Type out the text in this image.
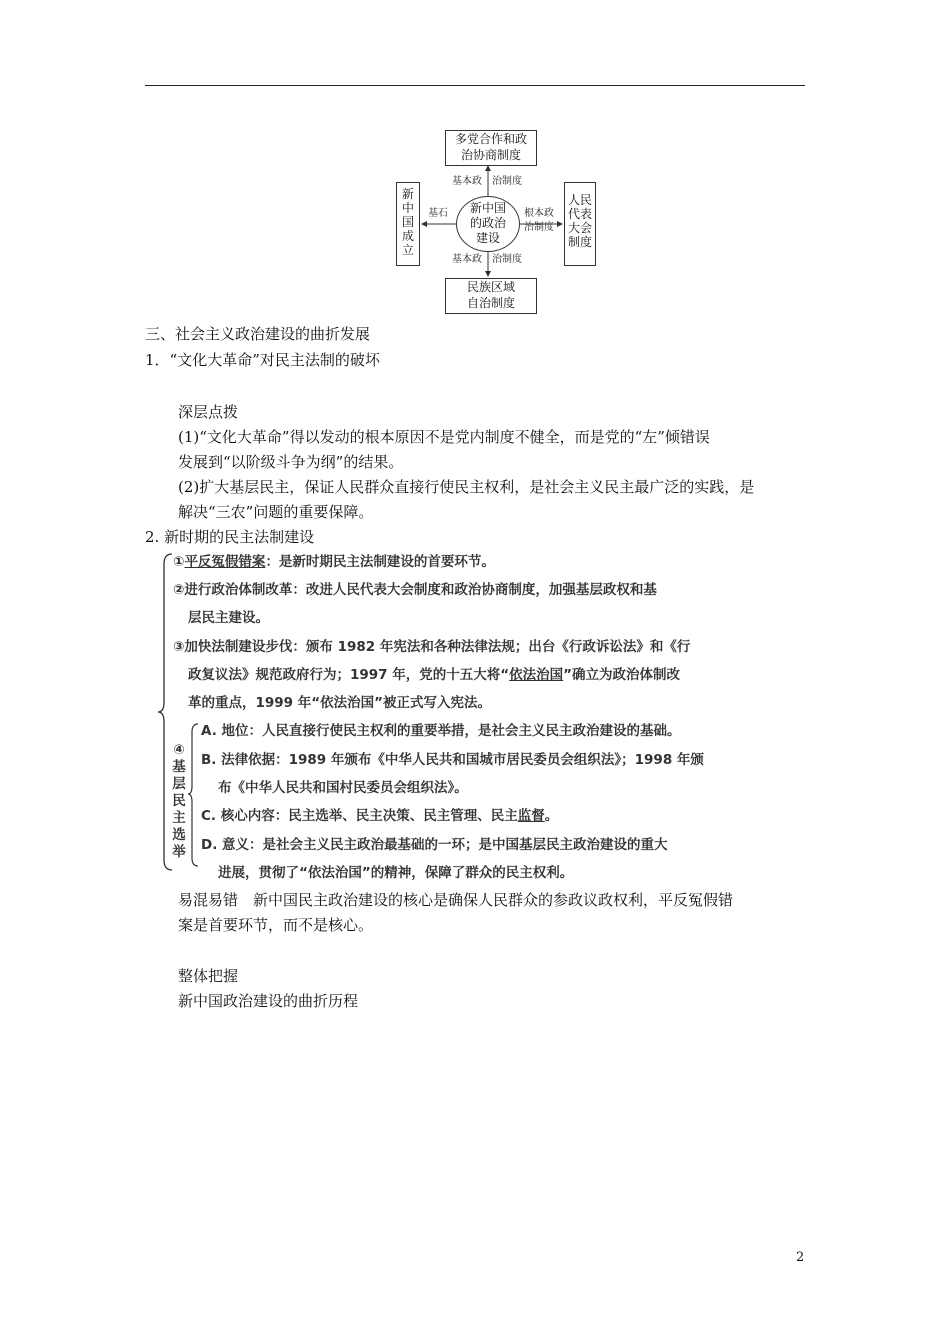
多党合作和政
治协商制度
民族区域
自治制度
新
中
国
成
立
人民
代表
大会
制度
新中国
的政治
建设
基本政　治制度
基本政　治制度
基石	根本政
治制度
三、社会主义政治建设的曲折发展
1．“文化大革命”对民主法制的破坏
深层点拨
(1)“文化大革命”得以发动的根本原因不是党内制度不健全，而是党的“左”倾错误
发展到“以阶级斗争为纲”的结果。
(2)扩大基层民主，保证人民群众直接行使民主权利，是社会主义民主最广泛的实践，是
解决“三农”问题的重要保障。
2. 新时期的民主法制建设
①平反冤假错案：是新时期民主法制建设的首要环节。
②进行政治体制改革：改进人民代表大会制度和政治协商制度，加强基层政权和基
层民主建设。
③加快法制建设步伐：颁布 1982 年宪法和各种法律法规；出台《行政诉讼法》和《行
政复议法》规范政府行为；1997 年，党的十五大将“依法治国”确立为政治体制改
革的重点，1999 年“依法治国”被正式写入宪法。
④
基
层
民
主
选
举
A. 地位：人民直接行使民主权利的重要举措，是社会主义民主政治建设的基础。
B. 法律依据：1989 年颁布《中华人民共和国城市居民委员会组织法》；1998 年颁
布《中华人民共和国村民委员会组织法》。
C. 核心内容：民主选举、民主决策、民主管理、民主监督。
D. 意义：是社会主义民主政治最基础的一环；是中国基层民主政治建设的重大
进展，贯彻了“依法治国”的精神，保障了群众的民主权利。
易混易错　新中国民主政治建设的核心是确保人民群众的参政议政权利，平反冤假错
案是首要环节，而不是核心。
整体把握
新中国政治建设的曲折历程
2
